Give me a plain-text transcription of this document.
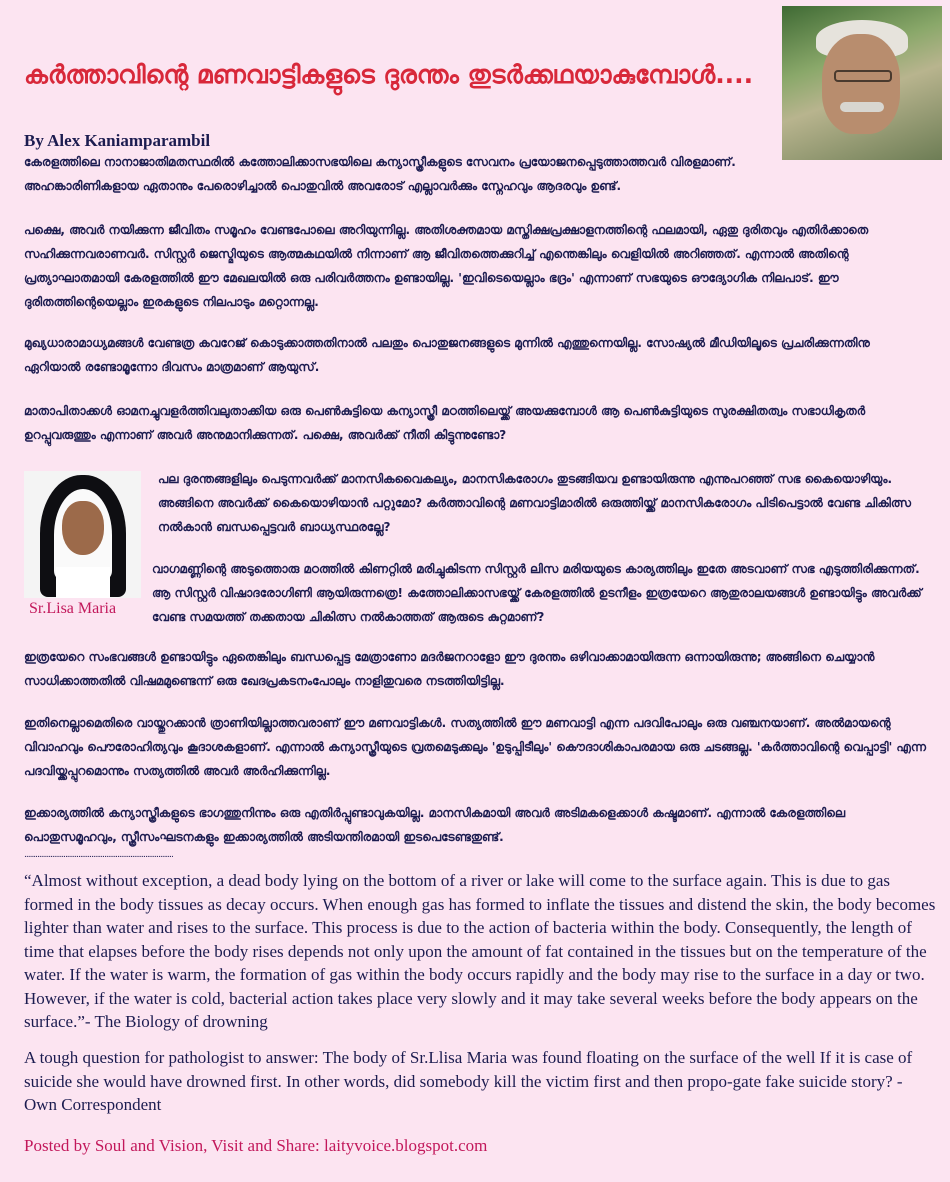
കർത്താവിന്റെ മണവാട്ടികളുടെ ദുരന്തം തുടർക്കഥയാകുമ്പോൾ....

By Alex Kaniamparambil

കേരളത്തിലെ നാനാജാതിമതസ്ഥരിൽ കത്തോലിക്കാസഭയിലെ കന്യാസ്ത്രീകളുടെ സേവനം പ്രയോജനപ്പെടുത്താത്തവർ വിരളമാണ്. അഹങ്കാരിണികളായ ഏതാനും പേരൊഴിച്ചാൽ പൊതുവിൽ അവരോട് എല്ലാവർക്കും സ്നേഹവും ആദരവും ഉണ്ട്.

പക്ഷെ, അവർ നയിക്കുന്ന ജീവിതം സമൂഹം വേണ്ടപോലെ അറിയുന്നില്ല. അതിശക്തമായ മസ്തിക്ഷപ്രക്ഷാളനത്തിന്റെ ഫലമായി, ഏതു ദുരിതവും എതിർക്കാതെ സഹിക്കുന്നവരാണവർ. സിസ്റ്റർ ജെസ്മിയുടെ ആത്മകഥയിൽ നിന്നാണ് ആ ജീവിതത്തെക്കുറിച്ച് എന്തെങ്കിലും വെളിയിൽ അറിഞ്ഞത്. എന്നാൽ അതിന്റെ പ്രത്യാഘാതമായി കേരളത്തിൽ ഈ മേഖലയിൽ ഒരു പരിവർത്തനം ഉണ്ടായില്ല. 'ഇവിടെയെല്ലാം ഭദ്രം' എന്നാണ് സഭയുടെ ഔദ്യോഗിക നിലപാട്. ഈ ദുരിതത്തിന്റെയെല്ലാം ഇരകളുടെ നിലപാടും മറ്റൊന്നല്ല.

മുഖ്യധാരാമാധ്യമങ്ങൾ വേണ്ടത്ര കവറേജ് കൊടുക്കാത്തതിനാൽ പലതും പൊതുജനങ്ങളുടെ മുന്നിൽ എത്തുന്നെയില്ല. സോഷ്യൽ മീഡിയിലൂടെ പ്രചരിക്കുന്നതിനു ഏറിയാൽ രണ്ടോമൂന്നോ ദിവസം മാത്രമാണ് ആയുസ്.

മാതാപിതാക്കൾ ഓമനച്ചുവളർത്തിവലുതാക്കിയ ഒരു പെൺകുട്ടിയെ കന്യാസ്ത്രീ മഠത്തിലെയ്ക്ക് അയക്കുമ്പോൾ ആ പെൺകുട്ടിയുടെ സുരക്ഷിതത്വം സഭാധികൃതർ ഉറപ്പുവരുത്തും എന്നാണ് അവർ അനുമാനിക്കുന്നത്. പക്ഷെ, അവർക്ക് നീതി കിട്ടുന്നുണ്ടോ?

Sr.Lisa Maria

പല ദുരന്തങ്ങളിലും പെടുന്നവർക്ക് മാനസികവൈകല്യം, മാനസികരോഗം തുടങ്ങിയവ ഉണ്ടായിരുന്നു എന്നുപറഞ്ഞ് സഭ കൈയൊഴിയും. അങ്ങിനെ അവർക്ക് കൈയൊഴിയാൻ പറ്റുമോ? കർത്താവിന്റെ മണവാട്ടിമാരിൽ ഒരുത്തിയ്ക്ക് മാനസികരോഗം പിടിപെട്ടാൽ വേണ്ട ചികിത്സ നൽകാൻ ബന്ധപ്പെട്ടവർ ബാധ്യസ്ഥരല്ലേ?

വാഗമണ്ണിന്റെ അടുത്തൊരു മഠത്തിൽ കിണറ്റിൽ മരിച്ചുകിടന്ന സിസ്റ്റർ ലിസ മരിയയുടെ കാര്യത്തിലും ഇതേ അടവാണ് സഭ എടുത്തിരിക്കുന്നത്. ആ സിസ്റ്റർ വിഷാദരോഗിണി ആയിരുന്നത്രെ! കത്തോലിക്കാസഭയ്ക്ക് കേരളത്തിൽ ഉടനീളം ഇത്രയേറെ ആതുരാലയങ്ങൾ ഉണ്ടായിട്ടും അവർക്ക് വേണ്ട സമയത്ത് തക്കതായ ചികിത്സ നൽകാത്തത് ആരുടെ കുറ്റമാണ്?

ഇത്രയേറെ സംഭവങ്ങൾ ഉണ്ടായിട്ടും ഏതെങ്കിലും ബന്ധപ്പെട്ട മേത്രാണോ മദർജനറാളോ ഈ ദുരന്തം ഒഴിവാക്കാമായിരുന്ന ഒന്നായിരുന്നു; അങ്ങിനെ ചെയ്യാൻ സാധിക്കാത്തതിൽ വിഷമമുണ്ടെന്ന് ഒരു ഖേദപ്രകടനംപോലും നാളിതുവരെ നടത്തിയിട്ടില്ല.

ഇതിനെല്ലാമെതിരെ വായ്തുറക്കാൻ ത്രാണിയില്ലാത്തവരാണ് ഈ മണവാട്ടികൾ. സത്യത്തിൽ ഈ മണവാട്ടി എന്ന പദവിപോലും ഒരു വഞ്ചനയാണ്. അൽമായന്റെ വിവാഹവും പൌരോഹിത്യവും കൂദാശകളാണ്. എന്നാൽ കന്യാസ്ത്രീയുടെ വ്രതമെടുക്കലും 'ഉടുപ്പിടീലും' കൌദാശികാപരമായ ഒരു ചടങ്ങല്ല. 'കർത്താവിന്റെ വെപ്പാട്ടി' എന്ന പദവിയ്ക്കപ്പുറമൊന്നും സത്യത്തിൽ അവർ അർഹിക്കുന്നില്ല.

ഇക്കാര്യത്തിൽ കന്യാസ്ത്രീകളുടെ ഭാഗത്തുനിന്നും ഒരു എതിർപ്പുണ്ടാവുകയില്ല. മാനസികമായി അവർ അടിമകളെക്കാൾ കഷ്ടമാണ്. എന്നാൽ കേരളത്തിലെ പൊതുസമൂഹവും, സ്ത്രീസംഘടനകളും ഇക്കാര്യത്തിൽ അടിയന്തിരമായി ഇടപെടേണ്ടതുണ്ട്.

................................................................................

“Almost without exception, a dead body lying on the bottom of a river or lake will come to the surface again. This is due to gas formed in the body tissues as decay occurs. When enough gas has formed to inflate the tissues and distend the skin, the body becomes lighter than water and rises to the surface. This process is due to the action of bacteria within the body. Consequently, the length of time that elapses before the body rises depends not only upon the amount of fat contained in the tissues but on the temperature of the water. If the water is warm, the formation of gas within the body occurs rapidly and the body may rise to the surface in a day or two. However, if the water is cold, bacterial action takes place very slowly and it may take several weeks before the body appears on the surface.”- The Biology of drowning

A tough question for pathologist to answer: The body of Sr.Llisa Maria was found floating on the surface of the well If it is case of suicide she would have drowned first. In other words, did somebody kill the victim first and then propo-gate fake suicide story? - Own Correspondent

Posted by Soul and Vision, Visit and Share: laityvoice.blogspot.com
